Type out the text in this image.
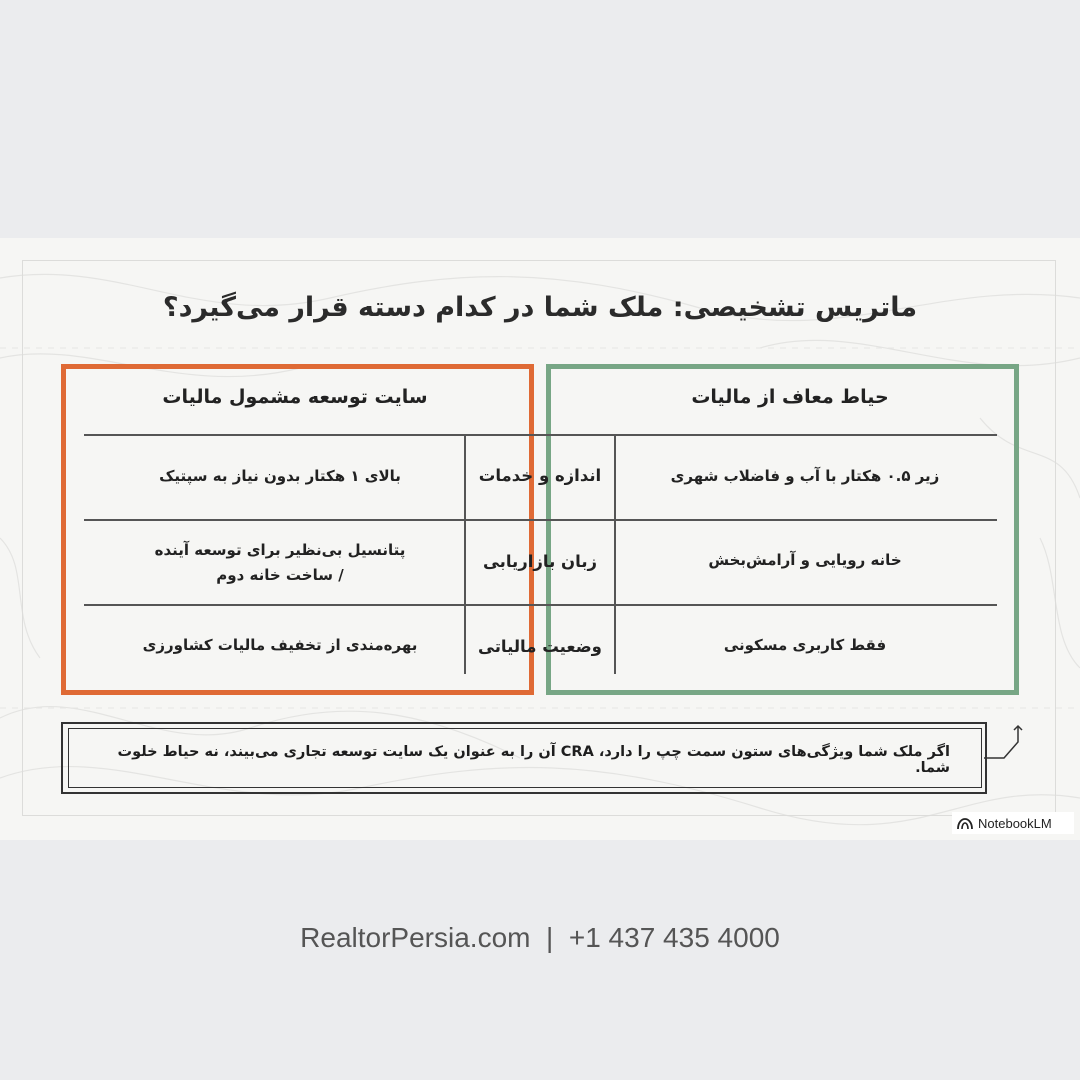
ماتریس تشخیصی: ملک شما در کدام دسته قرار می‌گیرد؟
حیاط معاف از مالیات
سایت توسعه مشمول مالیات
زیر ۰.۵ هکتار با آب و فاضلاب شهری
خانه رویایی و آرامش‌بخش
فقط کاربری مسکونی
اندازه و خدمات
زبان بازاریابی
وضعیت مالیاتی
بالای ۱ هکتار بدون نیاز به سپتیک
پتانسیل بی‌نظیر برای توسعه آینده
/ ساخت خانه دوم
بهره‌مندی از تخفیف مالیات کشاورزی
اگر ملک شما ویژگی‌های ستون سمت چپ را دارد، CRA آن را به عنوان یک سایت توسعه تجاری می‌بیند، نه حیاط خلوت شما.
NotebookLM
RealtorPersia.com  |  +1 437 435 4000
